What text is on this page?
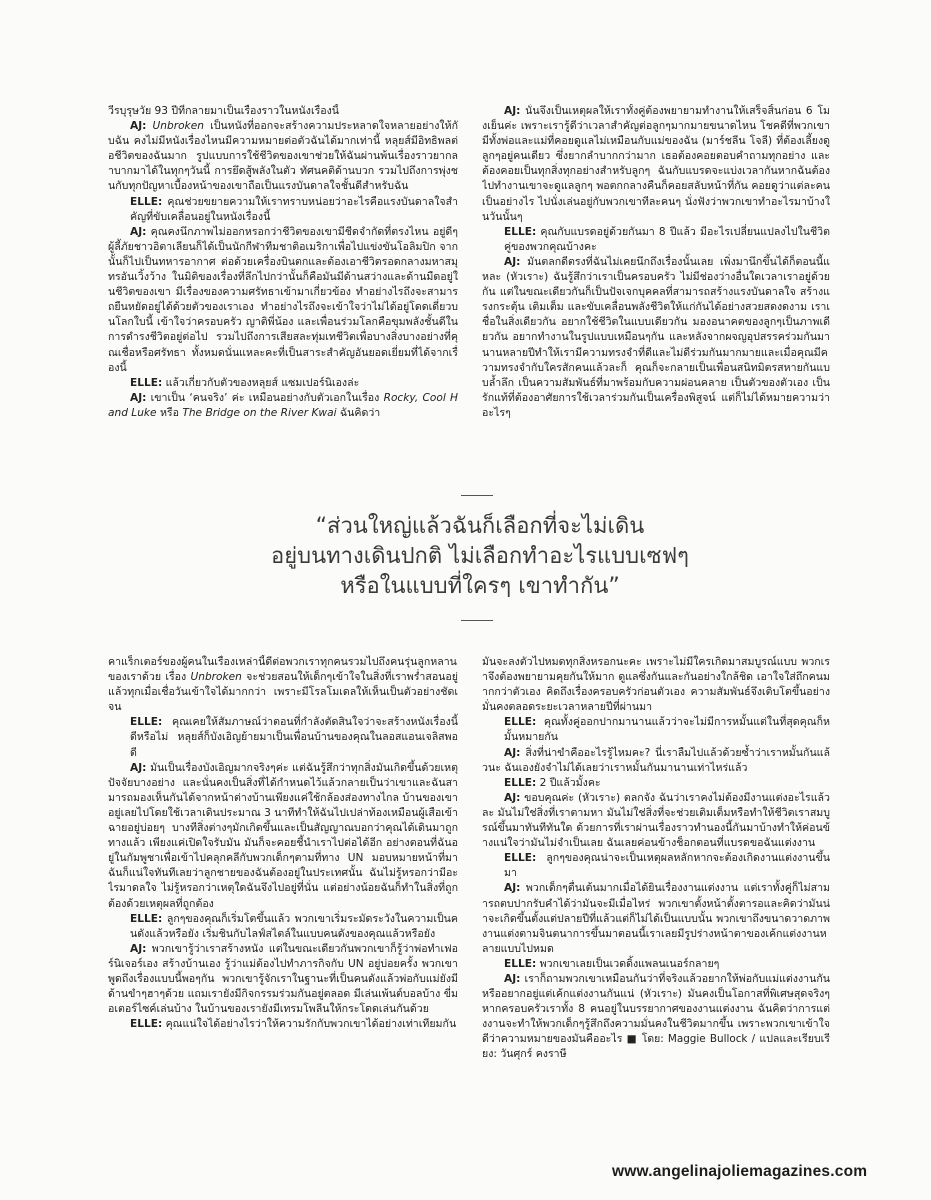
วีรบุรุษวัย 93 ปีที่กลายมาเป็นเรื่องราวในหนังเรื่องนี้

AJ: Unbroken เป็นหนังที่ออกจะสร้างความประหลาดใจหลายอย่างให้กับฉัน คงไม่มีหนังเรื่องไหนมีความหมายต่อตัวฉันได้มากเท่านี้ หลุยส์มีอิทธิพลต่อชีวิตของฉันมาก รูปแบบการใช้ชีวิตของเขาช่วยให้ฉันผ่านพ้นเรื่องราวยากลำบากมาได้ในทุกๆวันนี้ การยึดสู้พลังในตัว ทัศนคติด้านบวก รวมไปถึงการพุ่งชนกับทุกปัญหาเบื้องหน้าของเขาถือเป็นแรงบันดาลใจชั้นดีสำหรับฉัน

ELLE: คุณช่วยขยายความให้เราทราบหน่อยว่าอะไรคือแรงบันดาลใจสำคัญที่ขับเคลื่อนอยู่ในหนังเรื่องนี้

AJ: คุณคงนึกภาพไม่ออกหรอกว่าชีวิตของเขามีชีดจำกัดที่ตรงไหน อยู่ดีๆผู้ลี้ภัยชาวอิตาเลียนก็ได้เป็นนักกีฬาทีมชาติอเมริกาเพื่อไปแข่งขันโอลิมปิก จากนั้นก็ไปเป็นทหารอากาศ ต่อด้วยเครื่องบินตกและต้องเอาชีวิตรอดกลางมหาสมุทรอันเวิ้งว้าง ในมิติของเรื่องที่ลึกไปกว่านั้นก็คือมันมีด้านสว่างและด้านมืดอยู่ในชีวิตของเขา มีเรื่องของความศรัทธาเข้ามาเกี่ยวข้อง ทำอย่างไรถึงจะสามารถยืนหยัดอยู่ได้ด้วยตัวของเราเอง ทำอย่างไรถึงจะเข้าใจว่าไม่ได้อยู่โดดเดี่ยวบนโลกใบนี้ เข้าใจว่าครอบครัว ญาติพี่น้อง และเพื่อนร่วมโลกคือขุมพลังชั้นดีในการดำรงชีวิตอยู่ต่อไป รวมไปถึงการเสียสละทุ่มเทชีวิตเพื่อบางสิ่งบางอย่างที่คุณเชื่อหรือศรัทธา ทั้งหมดนั่นแหละคะที่เป็นสาระสำคัญอันยอดเยี่ยมที่ได้จากเรื่องนี้

ELLE: แล้วเกี่ยวกับตัวของหลุยส์ แซมเปอร์นิเองล่ะ

AJ: เขาเป็น ‘คนจริง’ ค่ะ เหมือนอย่างกับตัวเอกในเรื่อง Rocky, Cool Hand Luke หรือ The Bridge on the River Kwai ฉันคิดว่า

AJ: นั่นจึงเป็นเหตุผลให้เราทั้งคู่ต้องพยายามทำงานให้เสร็จสิ้นก่อน 6 โมงเย็นค่ะ เพราะเรารู้ดีว่าเวลาสำคัญต่อลูกๆมากมายขนาดไหน โชคดีที่พวกเขามีทั้งพ่อและแม่ที่คอยดูแลไม่เหมือนกับแม่ของฉัน (มาร์ชลีน โจลี) ที่ต้องเลี้ยงดูลูกๆอยู่คนเดียว ซึ่งยากลำบากกว่ามาก เธอต้องคอยตอบคำถามทุกอย่าง และต้องคอยเป็นทุกสิ่งทุกอย่างสำหรับลูกๆ ฉันกับแบรดจะแบ่งเวลากันหากฉันต้องไปทำงานเขาจะดูแลลูกๆ พอตกกลางคืนก็คอยสลับหน้าที่กัน คอยดูว่าแต่ละคนเป็นอย่างไร ไปนั่งเล่นอยู่กับพวกเขาทีละคนๆ นั่งฟังว่าพวกเขาทำอะไรมาบ้างในวันนั้นๆ

ELLE: คุณกับแบรดอยู่ด้วยกันมา 8 ปีแล้ว มีอะไรเปลี่ยนแปลงไปในชีวิตคู่ของพวกคุณบ้างคะ

AJ: มันตลกดีตรงที่ฉันไม่เคยนึกถึงเรื่องนั้นเลย เพิ่งมานึกขึ้นได้ก็ตอนนี้แหละ (หัวเราะ) ฉันรู้สึกว่าเราเป็นครอบครัว ไม่มีช่องว่างอื่นใดเวลาเราอยู่ด้วยกัน แต่ในขณะเดียวกันก็เป็นปัจเจกบุคคลที่สามารถสร้างแรงบันดาลใจ สร้างแรงกระตุ้น เติมเต็ม และขับเคลื่อนพลังชีวิตให้แก่กันได้อย่างสวยสดงดงาม เราเชื่อในสิ่งเดียวกัน อยากใช้ชีวิตในแบบเดียวกัน มองอนาคตของลูกๆเป็นภาพเดียวกัน อยากทำงานในรูปแบบเหมือนๆกัน และหลังจากผจญอุปสรรคร่วมกันมานานหลายปีทำให้เรามีความทรงจำที่ดีและไม่ดีร่วมกันมากมายและเมื่อคุณมีความทรงจำกับใครสักคนแล้วละก็ คุณก็จะกลายเป็นเพื่อนสนิทมิตรสหายกันแบบล้ำลึก เป็นความสัมพันธ์ที่มาพร้อมกับความผ่อนคลาย เป็นตัวของตัวเอง เป็นรักแท้ที่ต้องอาศัยการใช้เวลาร่วมกันเป็นเครื่องพิสูจน์ แต่ก็ไม่ได้หมายความว่าอะไรๆ

“ส่วนใหญ่แล้วฉันก็เลือกที่จะไม่เดิน
อยู่บนทางเดินปกติ ไม่เลือกทำอะไรแบบเซฟๆ
หรือในแบบที่ใครๆ เขาทำกัน”

คาแร็กเตอร์ของผู้คนในเรื่องเหล่านี้ดีต่อพวกเราทุกคนรวมไปถึงคนรุ่นลูกหลานของเราด้วย เรื่อง Unbroken จะช่วยสอนให้เด็กๆเข้าใจในสิ่งที่เราพร่ำสอนอยู่แล้วทุกเมื่อเชื่อวันเข้าใจได้มากกว่า เพราะมีโรลโมเดลให้เห็นเป็นตัวอย่างชัดเจน

ELLE: คุณเคยให้สัมภาษณ์ว่าตอนที่กำลังตัดสินใจว่าจะสร้างหนังเรื่องนี้ดีหรือไม่ หลุยส์ก็บังเอิญย้ายมาเป็นเพื่อนบ้านของคุณในลอสแอนเจลิสพอดี

AJ: มันเป็นเรื่องบังเอิญมากจริงๆค่ะ แต่ฉันรู้สึกว่าทุกสิ่งมันเกิดขึ้นด้วยเหตุปัจจัยบางอย่าง และนั่นคงเป็นสิ่งที่ได้กำหนดไว้แล้วกลายเป็นว่าเขาและฉันสามารถมองเห็นกันได้จากหน้าต่างบ้านเพียงแค่ใช้กล้องส่องทางไกล บ้านของเขาอยู่เลยไปโดยใช้เวลาเดินประมาณ 3 นาทีทำให้ฉันไปเปล่าท้องเหมือนผู้เสือเข้าฉายอยู่บ่อยๆ บางทีสิ่งต่างๆมักเกิดขึ้นและเป็นสัญญาณบอกว่าคุณได้เดินมาถูกทางแล้ว เพียงแค่เปิดใจรับมัน มันก็จะคอยชี้นำเราไปต่อได้อีก อย่างตอนที่ฉันอยู่ในกัมพูชาเพื่อเข้าไปคลุกคลีกับพวกเด็กๆตามที่ทาง UN มอบหมายหน้าที่มา ฉันก็แน่ใจทันทีเลยว่าลูกชายของฉันต้องอยู่ในประเทศนั้น ฉันไม่รู้หรอกว่ามีอะไรมาดลใจ ไม่รู้หรอกว่าเหตุใดฉันจึงไปอยู่ที่นั่น แต่อย่างน้อยฉันก็ทำในสิ่งที่ถูกต้องด้วยเหตุผลที่ถูกต้อง

ELLE: ลูกๆของคุณก็เริ่มโตขึ้นแล้ว พวกเขาเริ่มระมัดระวังในความเป็นคนดังแล้วหรือยัง เริ่มชินกับไลฟ์สไตล์ในแบบคนดังของคุณแล้วหรือยัง

AJ: พวกเขารู้ว่าเราสร้างหนัง แต่ในขณะเดียวกันพวกเขาก็รู้ว่าพ่อทำเฟอร์นิเจอร์เอง สร้างบ้านเอง รู้ว่าแม่ต้องไปทำภารกิจกับ UN อยู่บ่อยครั้ง พวกเขาพูดถึงเรื่องแบบนี้พอๆกัน พวกเขารู้จักเราในฐานะที่เป็นคนดังแล้วพ่อกับแม่ยังมีด้านขำๆฮาๆด้วย แถมเรายังมีกิจกรรมร่วมกันอยู่ตลอด มีเล่นเพ้นต์บอลบ้าง ขี่มอเตอร์ไซค์เล่นบ้าง ในบ้านของเรายังมีเทรมโพลีนให้กระโดดเล่นกันด้วย

ELLE: คุณแน่ใจได้อย่างไรว่าให้ความรักกับพวกเขาได้อย่างเท่าเทียมกัน

มันจะลงตัวไปหมดทุกสิ่งหรอกนะคะ เพราะไม่มีใครเกิดมาสมบูรณ์แบบ พวกเราจึงต้องพยายามคุยกันให้มาก ดูแลซึ่งกันและกันอย่างใกล้ชิด เอาใจใส่ถึกคนมากกว่าตัวเอง คิดถึงเรื่องครอบครัวก่อนตัวเอง ความสัมพันธ์จึงเติบโตขึ้นอย่างมั่นคงตลอดระยะเวลาหลายปีที่ผ่านมา

ELLE: คุณทั้งคู่ออกปากมานานแล้วว่าจะไม่มีการหมั้นแต่ในที่สุดคุณก็หมั้นหมายกัน

AJ: สิ่งที่น่าขำคืออะไรรู้ไหมคะ? นี่เราลืมไปแล้วด้วยซ้ำว่าเราหมั้นกันแล้วนะ ฉันเองยังจำไม่ได้เลยว่าเราหมั้นกันมานานเท่าไหร่แล้ว

ELLE: 2 ปีแล้วมั้งคะ

AJ: ขอบคุณค่ะ (หัวเราะ) ตลกจัง ฉันว่าเราคงไม่ต้องมีงานแต่งอะไรแล้วละ มันไม่ใช่สิ่งที่เราตามหา มันไม่ใช่สิ่งที่จะช่วยเติมเต็มหรือทำให้ชีวิตเราสมบูรณ์ขึ้นมาทันทีทันใด ด้วยการที่เราผ่านเรื่องราวทำนองนี้กันมาบ้างทำให้ค่อนข้างแน่ใจว่ามันไม่จำเป็นเลย ฉันเลยค่อนข้างช็อกตอนที่แบรดขอฉันแต่งงาน

ELLE: ลูกๆของคุณน่าจะเป็นเหตุผลหลักหากจะต้องเกิดงานแต่งงานขึ้นมา

AJ: พวกเด็กๆตื่นเต้นมากเมื่อได้ยินเรื่องงานแต่งงาน แต่เราทั้งคู่ก็ไม่สามารถตบปากรับคำได้ว่ามันจะมีเมื่อไหร่ พวกเขาตั้งหน้าตั้งตารอและคิดว่ามันน่าจะเกิดขึ้นตั้งแต่ปลายปีที่แล้วแต่ก็ไม่ได้เป็นแบบนั้น พวกเขาถึงขนาดวาดภาพงานแต่งตามจินตนาการขึ้นมาตอนนี้เราเลยมีรูปร่างหน้าตาของเค้กแต่งงานหลายแบบไปหมด

ELLE: พวกเขาเลยเป็นเวดดิ้งแพลนเนอร์กลายๆ

AJ: เราก็ถามพวกเขาเหมือนกันว่าที่จริงแล้วอยากให้พ่อกับแม่แต่งงานกันหรืออยากอยู่แต่เค้กแต่งงานกันแน่ (หัวเราะ) มันคงเป็นโอกาสที่พิเศษสุดจริงๆหากครอบครัวเราทั้ง 8 คนอยู่ในบรรยากาศของงานแต่งงาน ฉันคิดว่าการแต่งงานจะทำให้พวกเด็กๆรู้สึกถึงความมั่นคงในชีวิตมากขึ้น เพราะพวกเขาเข้าใจดีว่าความหมายของมันคืออะไร ■ โดย: Maggie Bullock / แปลและเรียบเรียง: วันศุกร์ คงราษี

www.angelinajoliemagazines.com
